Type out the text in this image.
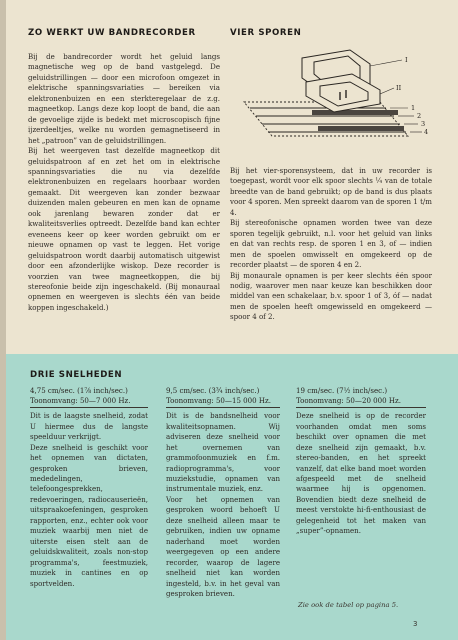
ZO WERKT UW BANDRECORDER

Bij de bandrecorder wordt het geluid langs magnetische weg op de band vastgelegd. De geluidstrillingen — door een microfoon omgezet in elektrische spanningsvariaties — bereiken via elektronenbuizen en een sterkteregelaar de z.g. magneetkop. Langs deze kop loopt de band, die aan de gevoelige zijde is bedekt met microscopisch fijne ijzerdeeltjes, welke nu worden gemagnetiseerd in het „patroon” van de geluidstrillingen.

Bij het weergeven tast dezelfde magneetkop dit geluidspatroon af en zet het om in elektrische spanningsvariaties die nu via dezelfde elektronenbuizen en regelaars hoorbaar worden gemaakt. Dit weergeven kan zonder bezwaar duizenden malen gebeuren en men kan de opname ook jarenlang bewaren zonder dat er kwaliteitsverlies optreedt. Dezelfde band kan echter eveneens keer op keer worden gebruikt om er nieuwe opnamen op vast te leggen. Het vorige geluidspatroon wordt daarbij automatisch uitgewist door een afzonderlijke wiskop. Deze recorder is voorzien van twee magneetkoppen, die bij stereofonie beide zijn ingeschakeld. (Bij monauraal opnemen en weergeven is slechts één van beide koppen ingeschakeld.)

VIER SPOREN
I
II
1
2
3
4

Bij het vier-sporensysteem, dat in uw recorder is toegepast, wordt voor elk spoor slechts ¼ van de totale breedte van de band gebruikt; op de band is dus plaats voor 4 sporen. Men spreekt daarom van de sporen 1 t/m 4.

Bij stereofonische opnamen worden twee van deze sporen tegelijk gebruikt, n.l. voor het geluid van links en dat van rechts resp. de sporen 1 en 3, of — indien men de spoelen omwisselt en omgekeerd op de recorder plaatst — de sporen 4 en 2.

Bij monaurale opnamen is per keer slechts één spoor nodig, waarover men naar keuze kan beschikken door middel van een schakelaar, b.v. spoor 1 of 3, óf — nadat men de spoelen heeft omgewisseld en omgekeerd — spoor 4 of 2.

DRIE SNELHEDEN

4,75 cm/sec. (1⅞ inch/sec.)

Toonomvang: 50—7 000 Hz.

Dit is de laagste snelheid, zodat U hiermee dus de langste speelduur verkrijgt.

Deze snelheid is geschikt voor het opnemen van dictaten, gesproken brieven, mededelingen, telefoongesprekken, redevoeringen, radiocauserieën, uitspraakoefeningen, gesproken rapporten, enz., echter ook voor muziek waarbij men niet de uiterste eisen stelt aan de geluidskwaliteit, zoals non-stop programma's, feestmuziek, muziek in cantines en op sportvelden.

9,5 cm/sec. (3¾ inch/sec.)

Toonomvang: 50—15 000 Hz.

Dit is de bandsnelheid voor kwaliteitsopnamen. Wij adviseren deze snelheid voor het overnemen van grammofoonmuziek en f.m. radioprogramma's, voor muziekstudie, opnamen van instrumentale muziek, enz.

Voor het opnemen van gesproken woord behoeft U deze snelheid alleen maar te gebruiken, indien uw opname naderhand moet worden weergegeven op een andere recorder, waarop de lagere snelheid niet kan worden ingesteld, b.v. in het geval van gesproken brieven.

19 cm/sec. (7½ inch/sec.)

Toonomvang: 50—20 000 Hz.

Deze snelheid is op de recorder voorhanden omdat men soms beschikt over opnamen die met deze snelheid zijn gemaakt, b.v. stereo-banden, en het spreekt vanzelf, dat elke band moet worden afgespeeld met de snelheid waarmee hij is opgenomen. Bovendien biedt deze snelheid de meest verstokte hi-fi-enthousiast de gelegenheid tot het maken van „super”-opnamen.

Zie ook de tabel op pagina 5.
3
